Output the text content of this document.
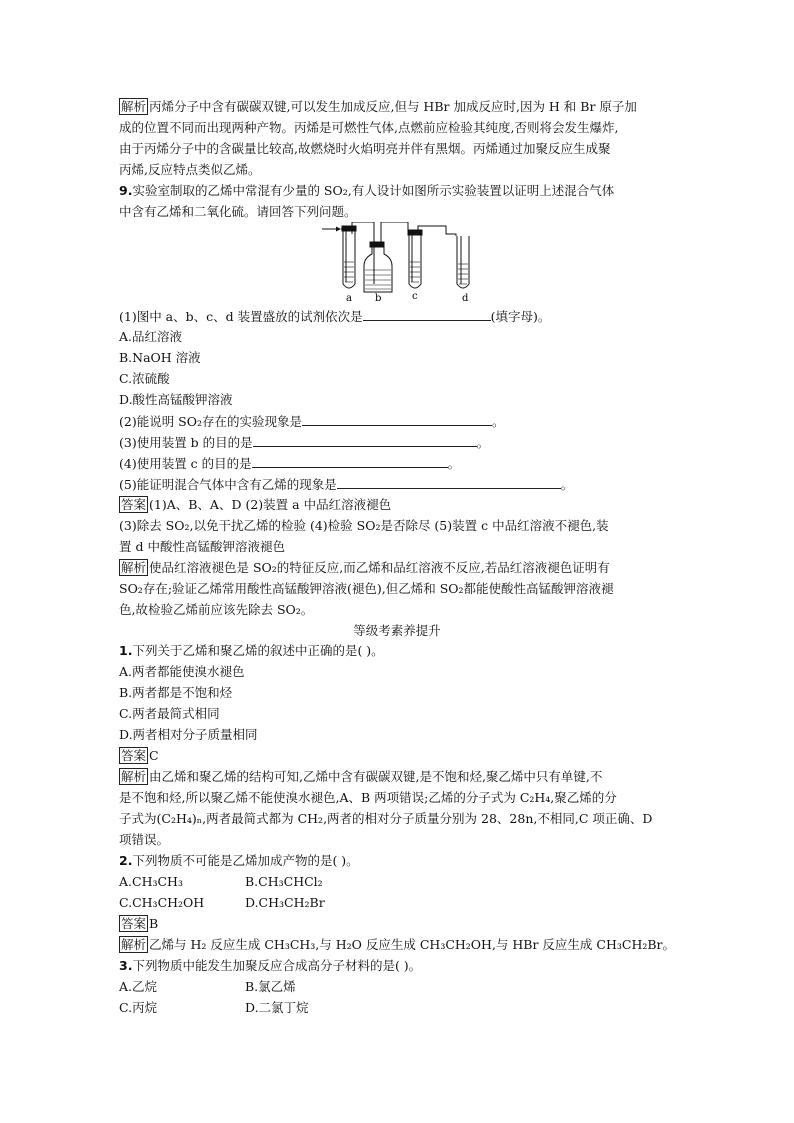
解析 丙烯分子中含有碳碳双键,可以发生加成反应,但与 HBr 加成反应时,因为 H 和 Br 原子加
成的位置不同而出现两种产物。丙烯是可燃性气体,点燃前应检验其纯度,否则将会发生爆炸,
由于丙烯分子中的含碳量比较高,故燃烧时火焰明亮并伴有黑烟。丙烯通过加聚反应生成聚
丙烯,反应特点类似乙烯。
9.实验室制取的乙烯中常混有少量的 SO₂,有人设计如图所示实验装置以证明上述混合气体
中含有乙烯和二氧化硫。请回答下列问题。
a b	c	d
(1)图中 a、b、c、d 装置盛放的试剂依次是	(填字母)。
A.品红溶液
B.NaOH 溶液
C.浓硫酸
D.酸性高锰酸钾溶液
(2)能说明 SO₂存在的实验现象是	。
(3)使用装置 b 的目的是	。
(4)使用装置 c 的目的是	。
(5)能证明混合气体中含有乙烯的现象是	。
答案 (1)A、B、A、D (2)装置 a 中品红溶液褪色
(3)除去 SO₂,以免干扰乙烯的检验 (4)检验 SO₂是否除尽 (5)装置 c 中品红溶液不褪色,装
置 d 中酸性高锰酸钾溶液褪色
解析 使品红溶液褪色是 SO₂的特征反应,而乙烯和品红溶液不反应,若品红溶液褪色证明有
SO₂存在;验证乙烯常用酸性高锰酸钾溶液(褪色),但乙烯和 SO₂都能使酸性高锰酸钾溶液褪
色,故检验乙烯前应该先除去 SO₂。
等级考素养提升
1.下列关于乙烯和聚乙烯的叙述中正确的是( )。
A.两者都能使溴水褪色
B.两者都是不饱和烃
C.两者最简式相同
D.两者相对分子质量相同
答案 C
解析 由乙烯和聚乙烯的结构可知,乙烯中含有碳碳双键,是不饱和烃,聚乙烯中只有单键,不
是不饱和烃,所以聚乙烯不能使溴水褪色,A、B 两项错误;乙烯的分子式为 C₂H₄,聚乙烯的分
子式为(C₂H₄)ₙ,两者最简式都为 CH₂,两者的相对分子质量分别为 28、28n,不相同,C 项正确、D
项错误。
2.下列物质不可能是乙烯加成产物的是( )。
A.CH₃CH₃	B.CH₃CHCl₂
C.CH₃CH₂OH	D.CH₃CH₂Br
答案 B
解析 乙烯与 H₂ 反应生成 CH₃CH₃,与 H₂O 反应生成 CH₃CH₂OH,与 HBr 反应生成 CH₃CH₂Br。
3.下列物质中能发生加聚反应合成高分子材料的是( )。
A.乙烷	B.氯乙烯
C.丙烷	D.二氯丁烷
